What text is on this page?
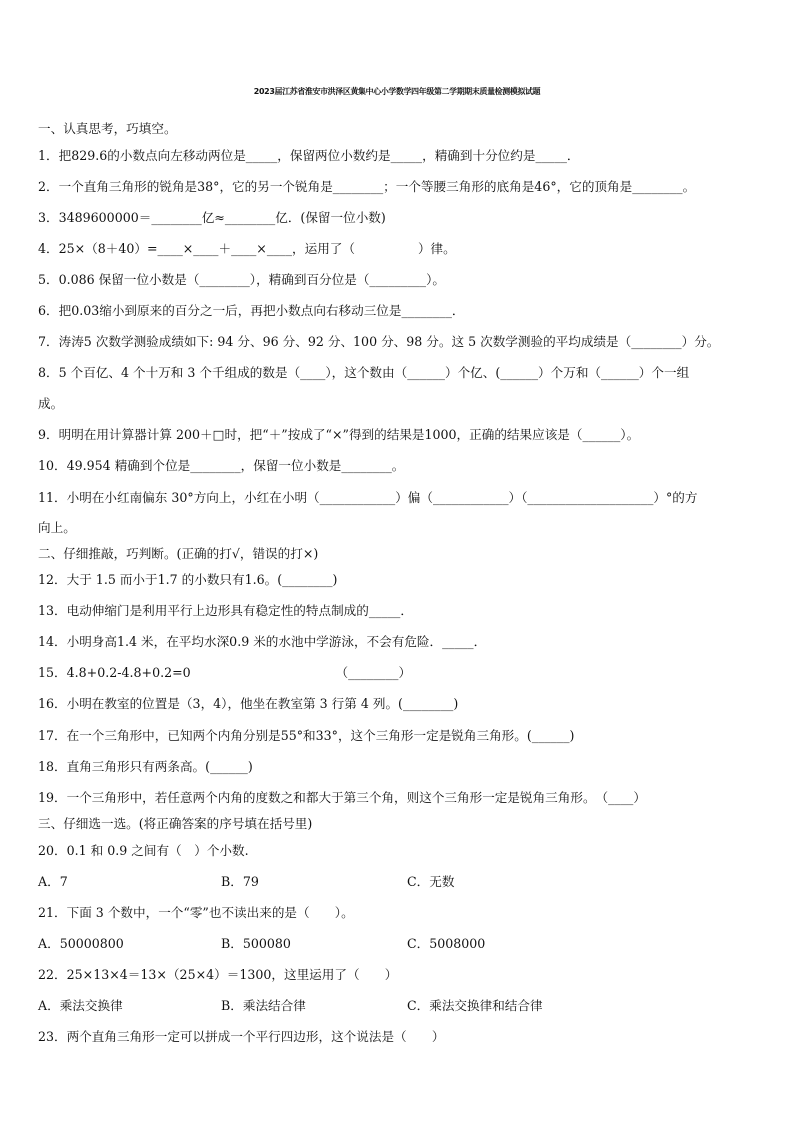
2023届江苏省淮安市洪泽区黄集中心小学数学四年级第二学期期末质量检测模拟试题
一、认真思考，巧填空。
1．把829.6的小数点向左移动两位是_____，保留两位小数约是_____，精确到十分位约是_____．
2．一个直角三角形的锐角是38°，它的另一个锐角是________；一个等腰三角形的底角是46°，它的顶角是________。
3．3489600000＝________亿≈________亿．(保留一位小数)
4．25×（8＋40）=____×____＋____×____，运用了（　　　　　）律。
5．0.086 保留一位小数是（________），精确到百分位是（_________）。
6．把0.03缩小到原来的百分之一后，再把小数点向右移动三位是________．
7．涛涛5 次数学测验成绩如下: 94 分、96 分、92 分、100 分、98 分。这 5 次数学测验的平均成绩是（________）分。
8．5 个百亿、4 个十万和 3 个千组成的数是（____），这个数由（______）个亿、(______）个万和（______）个一组
成。
9．明明在用计算器计算 200＋□时，把“＋”按成了“×”得到的结果是1000，正确的结果应该是（______）。
10．49.954 精确到个位是________，保留一位小数是________。
11．小明在小红南偏东 30°方向上，小红在小明（____________）偏（____________）（____________________）°的方
向上。
二、仔细推敲，巧判断。(正确的打√，错误的打×)
12．大于 1.5 而小于1.7 的小数只有1.6。(________)
13．电动伸缩门是利用平行上边形具有稳定性的特点制成的_____．
14．小明身高1.4 米，在平均水深0.9 米的水池中学游泳，不会有危险．_____．
15．4.8+0.2-4.8+0.2=0　　　　　　　　　　　　（________）
16．小明在教室的位置是（3，4），他坐在教室第 3 行第 4 列。(________)
17．在一个三角形中，已知两个内角分别是55°和33°，这个三角形一定是锐角三角形。(______)
18．直角三角形只有两条高。(______)
19．一个三角形中，若任意两个内角的度数之和都大于第三个角，则这个三角形一定是锐角三角形。　（____）
三、仔细选一选。(将正确答案的序号填在括号里)
20．0.1 和 0.9 之间有（　）个小数.
A．7	B．79	C．无数
21．下面 3 个数中，一个“零”也不读出来的是（　　）。
A．50000800	B．500080	C．5008000
22．25×13×4＝13×（25×4）＝1300，这里运用了（　　）
A．乘法交换律	B．乘法结合律	C．乘法交换律和结合律
23．两个直角三角形一定可以拼成一个平行四边形，这个说法是（　　）
